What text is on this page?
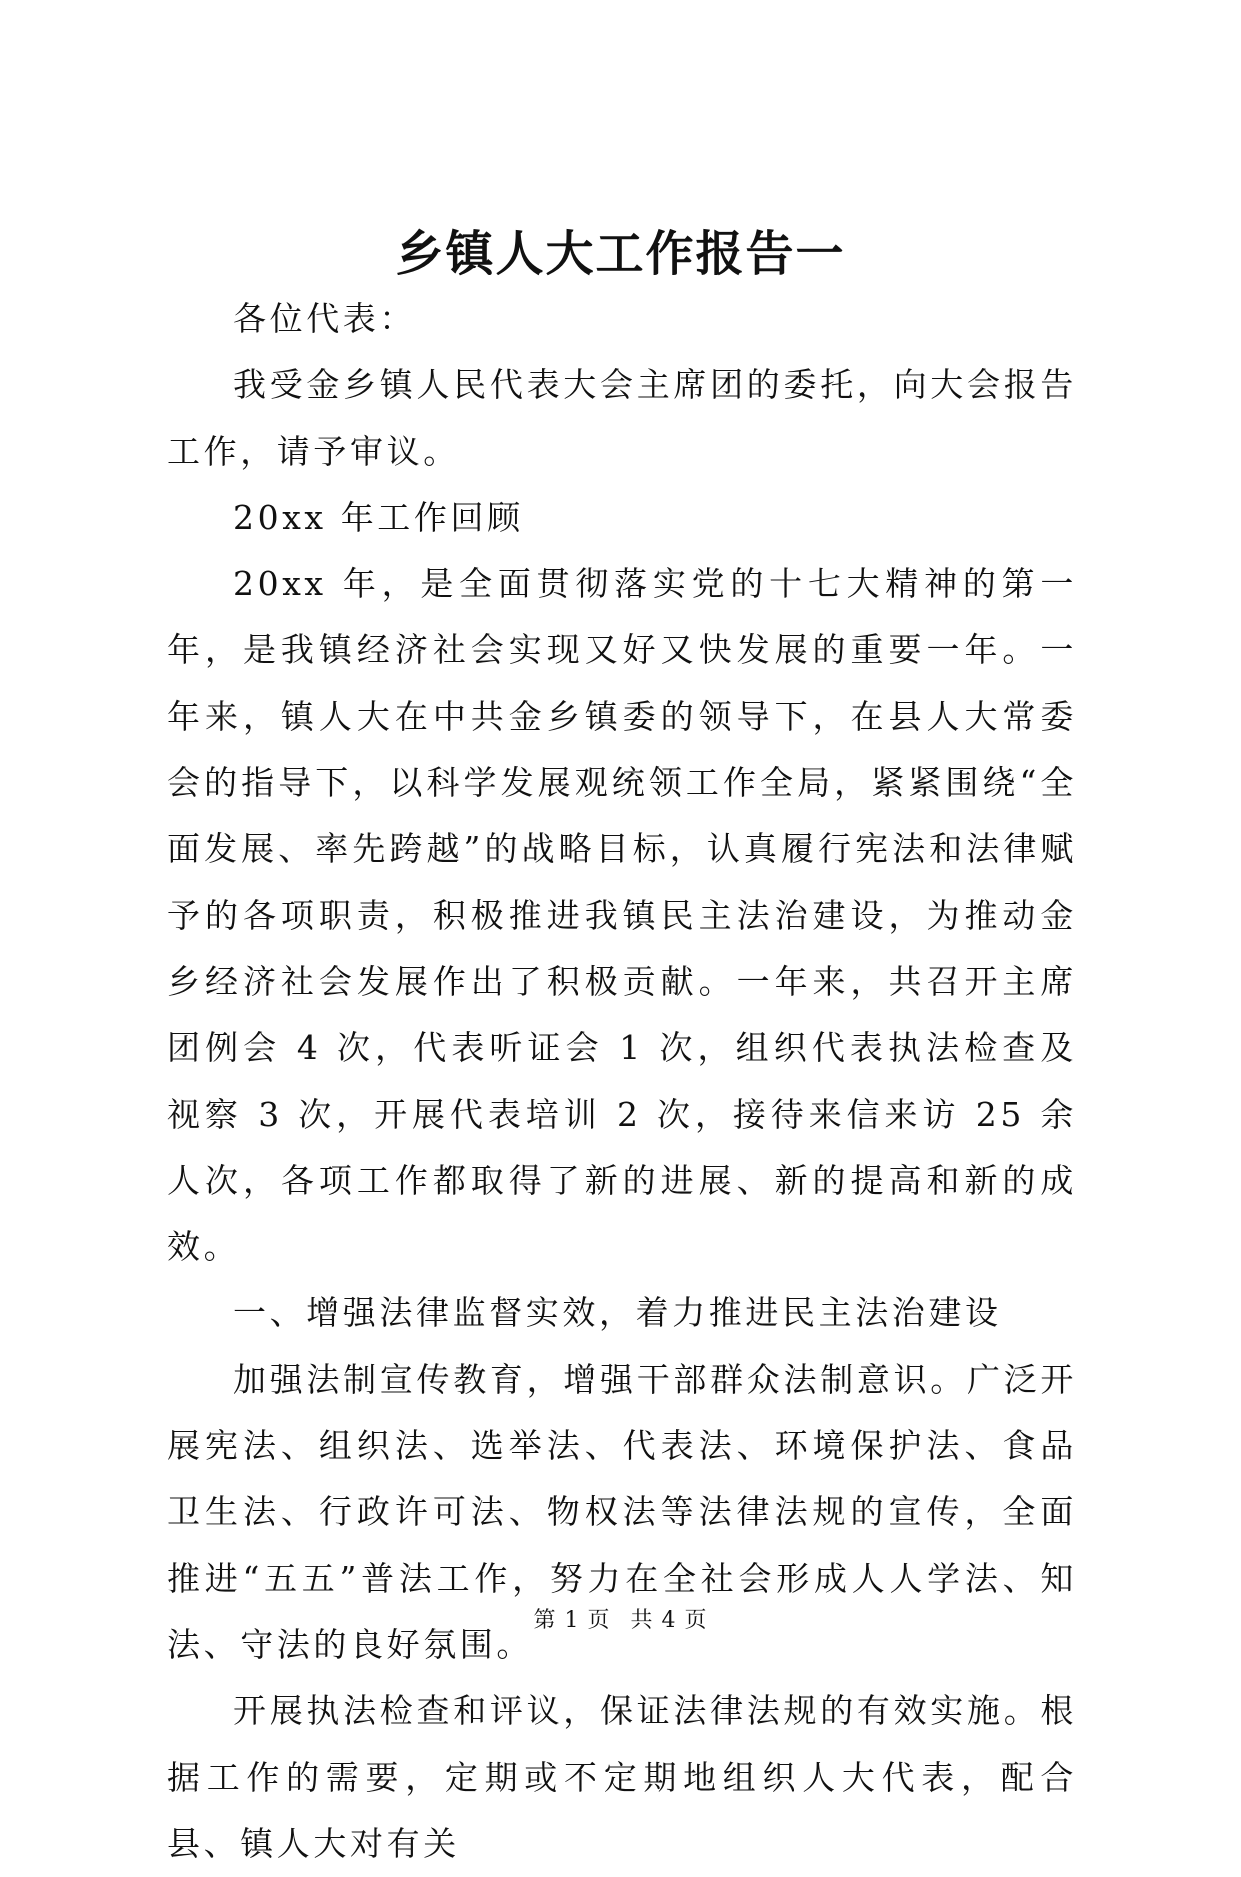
乡镇人大工作报告一

各位代表：

我受金乡镇人民代表大会主席团的委托，向大会报告工作，请予审议。

20xx 年工作回顾

20xx 年，是全面贯彻落实党的十七大精神的第一年，是我镇经济社会实现又好又快发展的重要一年。一年来，镇人大在中共金乡镇委的领导下，在县人大常委会的指导下，以科学发展观统领工作全局，紧紧围绕“全面发展、率先跨越”的战略目标，认真履行宪法和法律赋予的各项职责，积极推进我镇民主法治建设，为推动金乡经济社会发展作出了积极贡献。一年来，共召开主席团例会 4 次，代表听证会 1 次，组织代表执法检查及视察 3 次，开展代表培训 2 次，接待来信来访 25 余人次，各项工作都取得了新的进展、新的提高和新的成效。

一、增强法律监督实效，着力推进民主法治建设

加强法制宣传教育，增强干部群众法制意识。广泛开展宪法、组织法、选举法、代表法、环境保护法、食品卫生法、行政许可法、物权法等法律法规的宣传，全面推进“五五”普法工作，努力在全社会形成人人学法、知法、守法的良好氛围。

开展执法检查和评议，保证法律法规的有效实施。根据工作的需要，定期或不定期地组织人大代表，配合县、镇人大对有关

第 1 页 共 4 页
